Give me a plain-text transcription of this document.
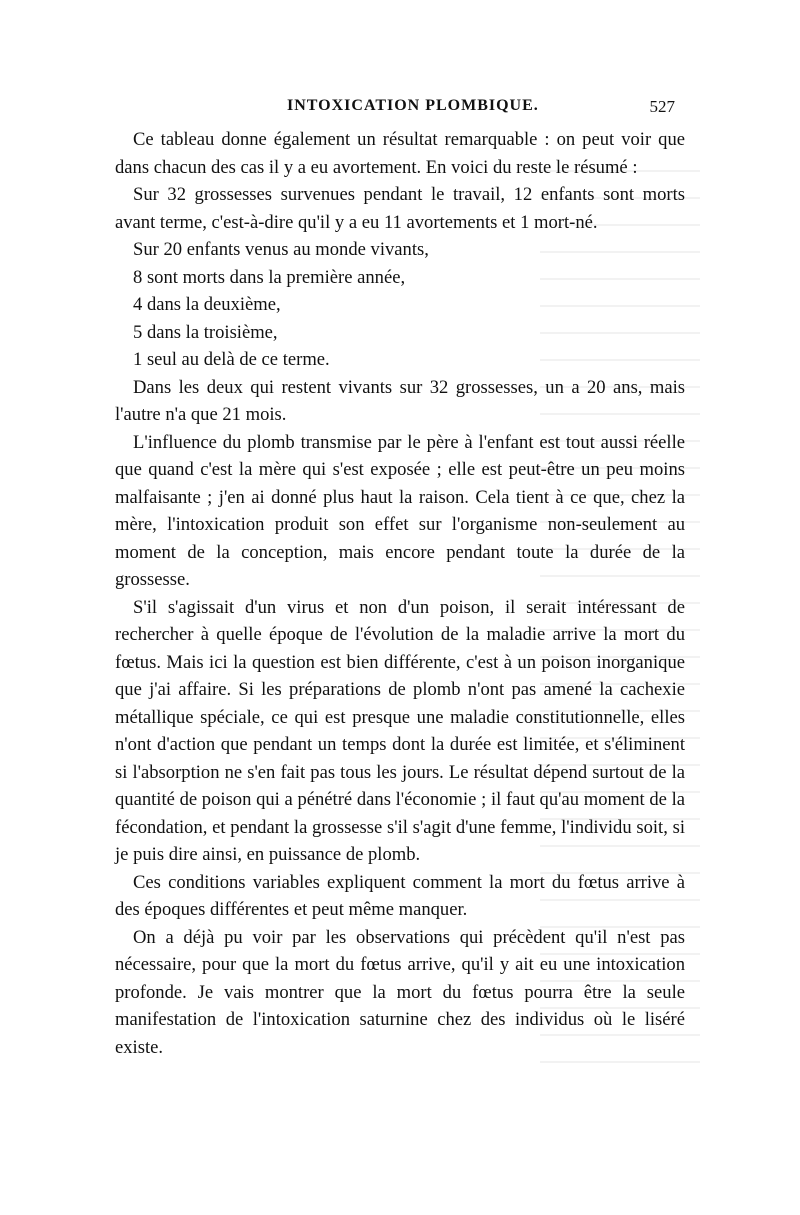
INTOXICATION PLOMBIQUE.	527

Ce tableau donne également un résultat remarquable : on peut voir que dans chacun des cas il y a eu avortement. En voici du reste le résumé :

Sur 32 grossesses survenues pendant le travail, 12 enfants sont morts avant terme, c'est-à-dire qu'il y a eu 11 avortements et 1 mort-né.

Sur 20 enfants venus au monde vivants,

8 sont morts dans la première année,

4 dans la deuxième,

5 dans la troisième,

1 seul au delà de ce terme.

Dans les deux qui restent vivants sur 32 grossesses, un a 20 ans, mais l'autre n'a que 21 mois.

L'influence du plomb transmise par le père à l'enfant est tout aussi réelle que quand c'est la mère qui s'est exposée ; elle est peut-être un peu moins malfaisante ; j'en ai donné plus haut la raison. Cela tient à ce que, chez la mère, l'intoxication produit son effet sur l'organisme non-seulement au moment de la conception, mais encore pendant toute la durée de la grossesse.

S'il s'agissait d'un virus et non d'un poison, il serait intéressant de rechercher à quelle époque de l'évolution de la maladie arrive la mort du fœtus. Mais ici la question est bien différente, c'est à un poison inorganique que j'ai affaire. Si les préparations de plomb n'ont pas amené la cachexie métallique spéciale, ce qui est presque une maladie constitutionnelle, elles n'ont d'action que pendant un temps dont la durée est limitée, et s'éliminent si l'absorption ne s'en fait pas tous les jours. Le résultat dépend surtout de la quantité de poison qui a pénétré dans l'économie ; il faut qu'au moment de la fécondation, et pendant la grossesse s'il s'agit d'une femme, l'individu soit, si je puis dire ainsi, en puissance de plomb.

Ces conditions variables expliquent comment la mort du fœtus arrive à des époques différentes et peut même manquer.

On a déjà pu voir par les observations qui précèdent qu'il n'est pas nécessaire, pour que la mort du fœtus arrive, qu'il y ait eu une intoxication profonde. Je vais montrer que la mort du fœtus pourra être la seule manifestation de l'intoxication saturnine chez des individus où le liséré existe.
